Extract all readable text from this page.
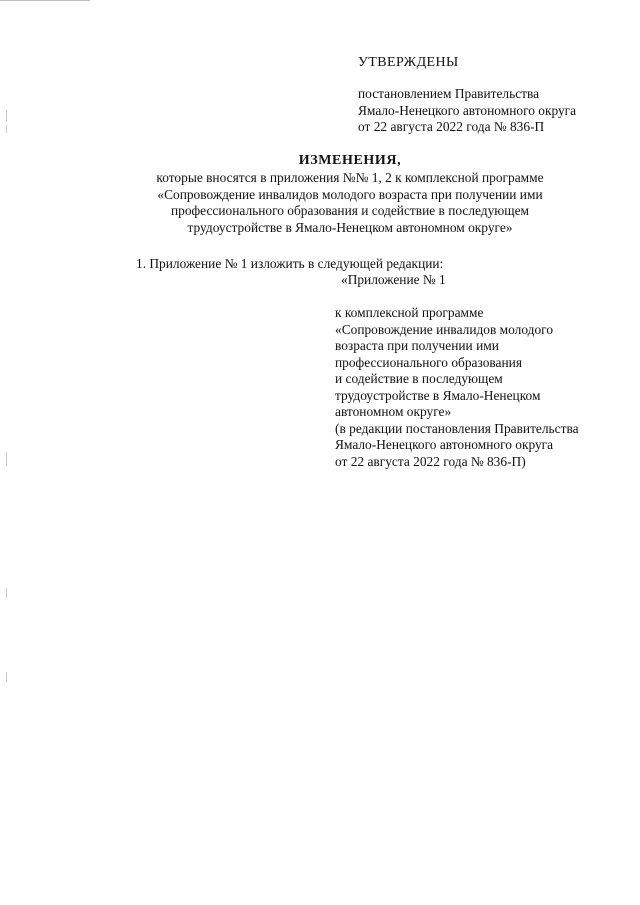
УТВЕРЖДЕНЫ
постановлением Правительства
Ямало-Ненецкого автономного округа
от 22 августа 2022 года № 836-П
ИЗМЕНЕНИЯ,
которые вносятся в приложения №№ 1, 2 к комплексной программе
«Сопровождение инвалидов молодого возраста при получении ими
профессионального образования и содействие в последующем
трудоустройстве в Ямало-Ненецком автономном округе»
1. Приложение № 1 изложить в следующей редакции:
«Приложение № 1
к комплексной программе
«Сопровождение инвалидов молодого
возраста при получении ими
профессионального образования
и содействие в последующем
трудоустройстве в Ямало-Ненецком
автономном округе»
(в редакции постановления Правительства
Ямало-Ненецкого автономного округа
от 22 августа 2022 года № 836-П)
